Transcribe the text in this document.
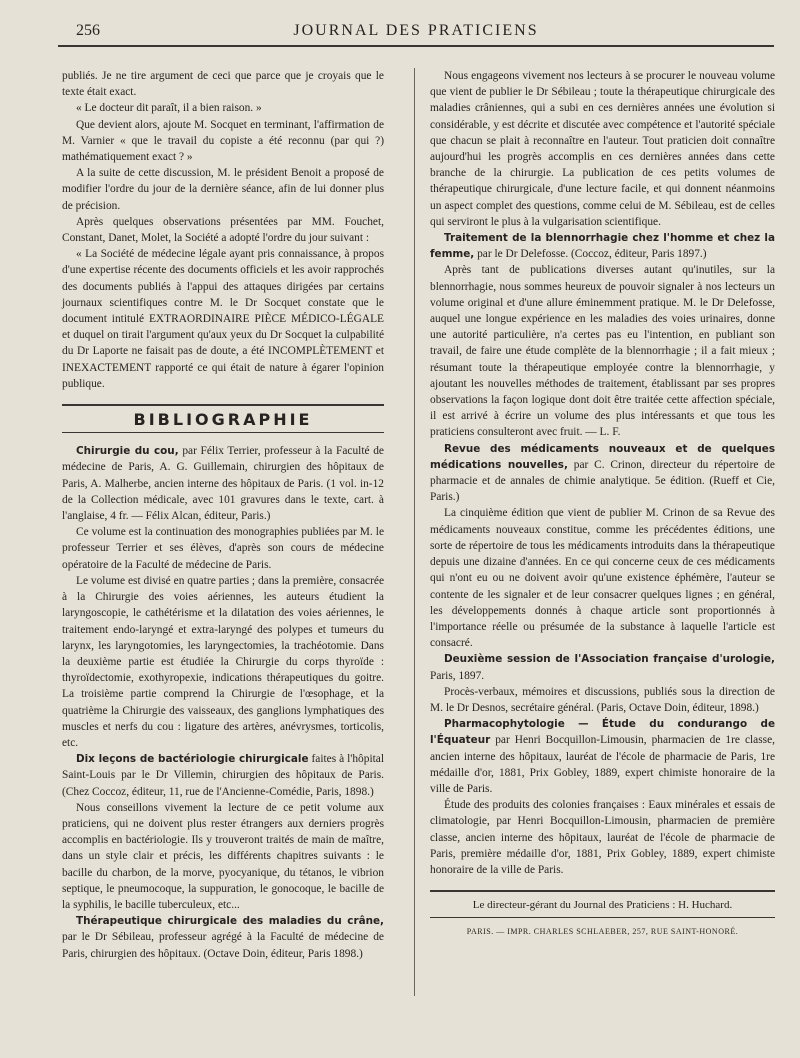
256	JOURNAL DES PRATICIENS

publiés. Je ne tire argument de ceci que parce que je croyais que le texte était exact.

« Le docteur dit paraît, il a bien raison. »

Que devient alors, ajoute M. Socquet en terminant, l'affirmation de M. Varnier « que le travail du copiste a été reconnu (par qui ?) mathématiquement exact ? »

A la suite de cette discussion, M. le président Benoit a proposé de modifier l'ordre du jour de la dernière séance, afin de lui donner plus de précision.

Après quelques observations présentées par MM. Fouchet, Constant, Danet, Molet, la Société a adopté l'ordre du jour suivant :

« La Société de médecine légale ayant pris connaissance, à propos d'une expertise récente des documents officiels et les avoir rapprochés des documents publiés à l'appui des attaques dirigées par certains journaux scientifiques contre M. le Dr Socquet constate que le document intitulé EXTRAORDINAIRE PIÈCE MÉDICO-LÉGALE et duquel on tirait l'argument qu'aux yeux du Dr Socquet la culpabilité du Dr Laporte ne faisait pas de doute, a été INCOMPLÈTEMENT et INEXACTEMENT rapporté ce qui était de nature à égarer l'opinion publique.

BIBLIOGRAPHIE

Chirurgie du cou, par Félix Terrier, professeur à la Faculté de médecine de Paris, A. G. Guillemain, chirurgien des hôpitaux de Paris, A. Malherbe, ancien interne des hôpitaux de Paris. (1 vol. in-12 de la Collection médicale, avec 101 gravures dans le texte, cart. à l'anglaise, 4 fr. — Félix Alcan, éditeur, Paris.)

Ce volume est la continuation des monographies publiées par M. le professeur Terrier et ses élèves, d'après son cours de médecine opératoire de la Faculté de médecine de Paris.

Le volume est divisé en quatre parties ; dans la première, consacrée à la Chirurgie des voies aériennes, les auteurs étudient la laryngoscopie, le cathétérisme et la dilatation des voies aériennes, le traitement endo-laryngé et extra-laryngé des polypes et tumeurs du larynx, les laryngotomies, les laryngectomies, la trachéotomie. Dans la deuxième partie est étudiée la Chirurgie du corps thyroïde : thyroïdectomie, exothyropexie, indications thérapeutiques du goitre. La troisième partie comprend la Chirurgie de l'œsophage, et la quatrième la Chirurgie des vaisseaux, des ganglions lymphatiques des muscles et nerfs du cou : ligature des artères, anévrysmes, torticolis, etc.

Dix leçons de bactériologie chirurgicale faites à l'hôpital Saint-Louis par le Dr Villemin, chirurgien des hôpitaux de Paris. (Chez Coccoz, éditeur, 11, rue de l'Ancienne-Comédie, Paris, 1898.)

Nous conseillons vivement la lecture de ce petit volume aux praticiens, qui ne doivent plus rester étrangers aux derniers progrès accomplis en bactériologie. Ils y trouveront traités de main de maître, dans un style clair et précis, les différents chapitres suivants : le bacille du charbon, de la morve, pyocyanique, du tétanos, le vibrion septique, le pneumocoque, la suppuration, le gonocoque, le bacille de la syphilis, le bacille tuberculeux, etc...

Thérapeutique chirurgicale des maladies du crâne, par le Dr Sébileau, professeur agrégé à la Faculté de médecine de Paris, chirurgien des hôpitaux. (Octave Doin, éditeur, Paris 1898.)

Nous engageons vivement nos lecteurs à se procurer le nouveau volume que vient de publier le Dr Sébileau ; toute la thérapeutique chirurgicale des maladies crâniennes, qui a subi en ces dernières années une évolution si considérable, y est décrite et discutée avec compétence et l'autorité spéciale que chacun se plait à reconnaître en l'auteur. Tout praticien doit connaître aujourd'hui les progrès accomplis en ces dernières années dans cette branche de la chirurgie. La publication de ces petits volumes de thérapeutique chirurgicale, d'une lecture facile, et qui donnent néanmoins un aspect complet des questions, comme celui de M. Sébileau, est de celles qui serviront le plus à la vulgarisation scientifique.

Traitement de la blennorrhagie chez l'homme et chez la femme, par le Dr Delefosse. (Coccoz, éditeur, Paris 1897.)

Après tant de publications diverses autant qu'inutiles, sur la blennorrhagie, nous sommes heureux de pouvoir signaler à nos lecteurs un volume original et d'une allure éminemment pratique. M. le Dr Delefosse, auquel une longue expérience en les maladies des voies urinaires, donne une autorité particulière, n'a certes pas eu l'intention, en publiant son travail, de faire une étude complète de la blennorrhagie ; il a fait mieux ; résumant toute la thérapeutique employée contre la blennorrhagie, y ajoutant les nouvelles méthodes de traitement, établissant par ses propres observations la façon logique dont doit être traitée cette affection spéciale, il est arrivé à écrire un volume des plus intéressants et que tous les praticiens consulteront avec fruit. — L. F.

Revue des médicaments nouveaux et de quelques médications nouvelles, par C. Crinon, directeur du répertoire de pharmacie et de annales de chimie analytique. 5e édition. (Rueff et Cie, Paris.)

La cinquième édition que vient de publier M. Crinon de sa Revue des médicaments nouveaux constitue, comme les précédentes éditions, une sorte de répertoire de tous les médicaments introduits dans la thérapeutique depuis une dizaine d'années. En ce qui concerne ceux de ces médicaments qui n'ont eu ou ne doivent avoir qu'une existence éphémère, l'auteur se contente de les signaler et de leur consacrer quelques lignes ; en général, les développements donnés à chaque article sont proportionnés à l'importance réelle ou présumée de la substance à laquelle l'article est consacré.

Deuxième session de l'Association française d'urologie, Paris, 1897.

Procès-verbaux, mémoires et discussions, publiés sous la direction de M. le Dr Desnos, secrétaire général. (Paris, Octave Doin, éditeur, 1898.)

Pharmacophytologie — Étude du condurango de l'Équateur par Henri Bocquillon-Limousin, pharmacien de 1re classe, ancien interne des hôpitaux, lauréat de l'école de pharmacie de Paris, 1re médaille d'or, 1881, Prix Gobley, 1889, expert chimiste honoraire de la ville de Paris.

Étude des produits des colonies françaises : Eaux minérales et essais de climatologie, par Henri Bocquillon-Limousin, pharmacien de première classe, ancien interne des hôpitaux, lauréat de l'école de pharmacie de Paris, première médaille d'or, 1881, Prix Gobley, 1889, expert chimiste honoraire de la ville de Paris.

Le directeur-gérant du Journal des Praticiens : H. Huchard.
PARIS. — IMPR. CHARLES SCHLAEBER, 257, RUE SAINT-HONORÉ.
